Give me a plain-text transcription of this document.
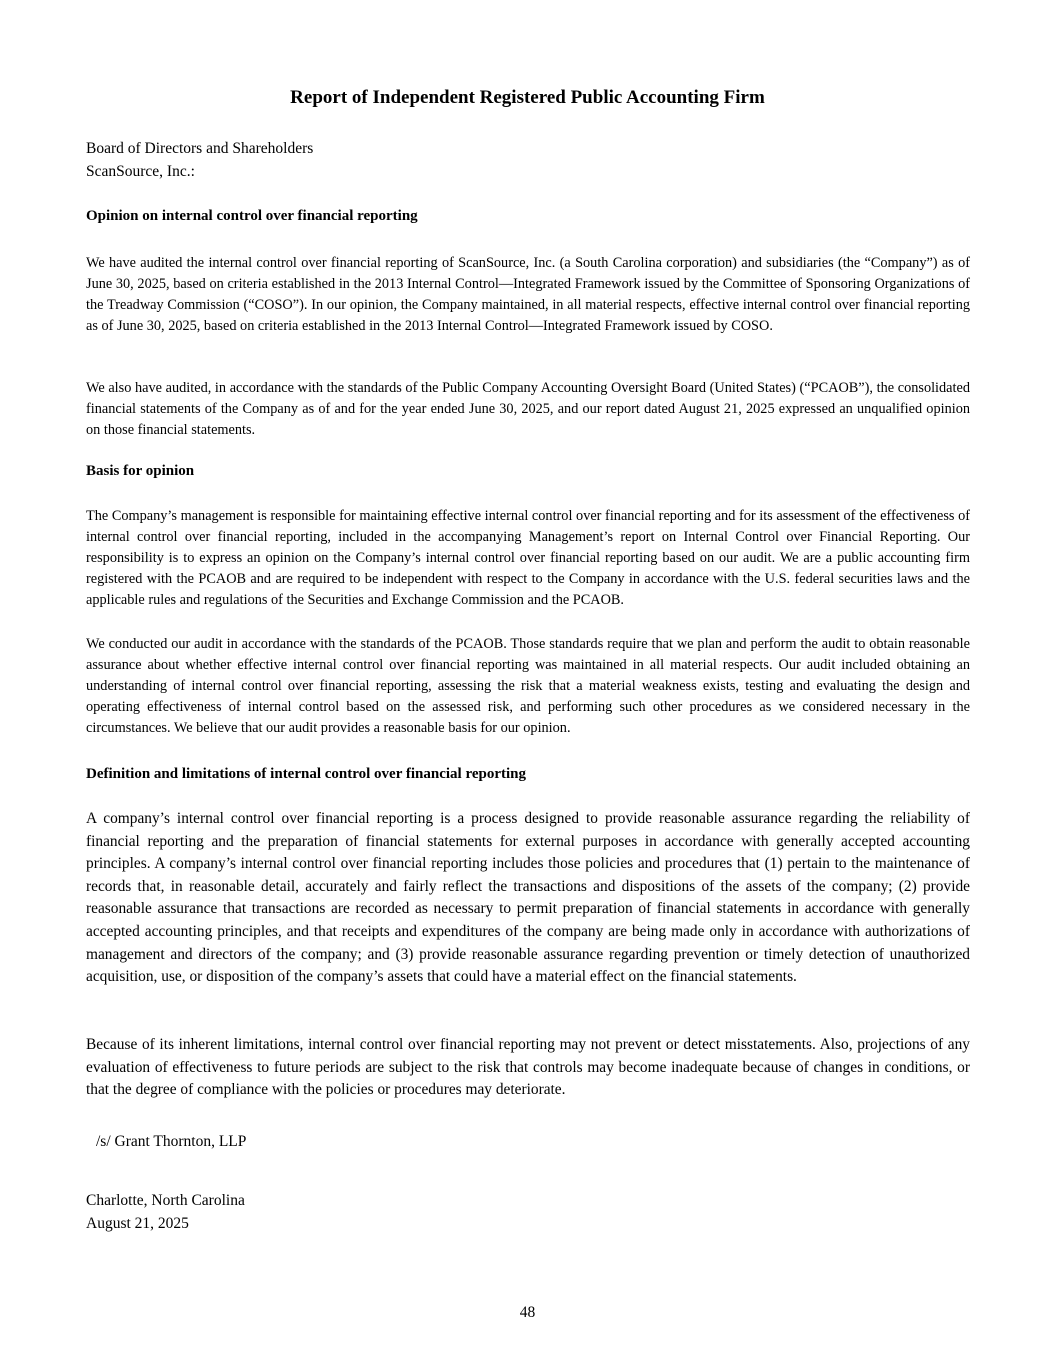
Report of Independent Registered Public Accounting Firm
Board of Directors and Shareholders
ScanSource, Inc.:
Opinion on internal control over financial reporting

We have audited the internal control over financial reporting of ScanSource, Inc. (a South Carolina corporation) and subsidiaries (the “Company”) as of June 30, 2025, based on criteria established in the 2013 Internal Control—Integrated Framework issued by the Committee of Sponsoring Organizations of the Treadway Commission (“COSO”). In our opinion, the Company maintained, in all material respects, effective internal control over financial reporting as of June 30, 2025, based on criteria established in the 2013 Internal Control—Integrated Framework issued by COSO.

We also have audited, in accordance with the standards of the Public Company Accounting Oversight Board (United States) (“PCAOB”), the consolidated financial statements of the Company as of and for the year ended June 30, 2025, and our report dated August 21, 2025 expressed an unqualified opinion on those financial statements.

Basis for opinion

The Company’s management is responsible for maintaining effective internal control over financial reporting and for its assessment of the effectiveness of internal control over financial reporting, included in the accompanying Management’s report on Internal Control over Financial Reporting. Our responsibility is to express an opinion on the Company’s internal control over financial reporting based on our audit. We are a public accounting firm registered with the PCAOB and are required to be independent with respect to the Company in accordance with the U.S. federal securities laws and the applicable rules and regulations of the Securities and Exchange Commission and the PCAOB.

We conducted our audit in accordance with the standards of the PCAOB. Those standards require that we plan and perform the audit to obtain reasonable assurance about whether effective internal control over financial reporting was maintained in all material respects. Our audit included obtaining an understanding of internal control over financial reporting, assessing the risk that a material weakness exists, testing and evaluating the design and operating effectiveness of internal control based on the assessed risk, and performing such other procedures as we considered necessary in the circumstances. We believe that our audit provides a reasonable basis for our opinion.

Definition and limitations of internal control over financial reporting

A company’s internal control over financial reporting is a process designed to provide reasonable assurance regarding the reliability of financial reporting and the preparation of financial statements for external purposes in accordance with generally accepted accounting principles. A company’s internal control over financial reporting includes those policies and procedures that (1) pertain to the maintenance of records that, in reasonable detail, accurately and fairly reflect the transactions and dispositions of the assets of the company; (2) provide reasonable assurance that transactions are recorded as necessary to permit preparation of financial statements in accordance with generally accepted accounting principles, and that receipts and expenditures of the company are being made only in accordance with authorizations of management and directors of the company; and (3) provide reasonable assurance regarding prevention or timely detection of unauthorized acquisition, use, or disposition of the company’s assets that could have a material effect on the financial statements.

Because of its inherent limitations, internal control over financial reporting may not prevent or detect misstatements. Also, projections of any evaluation of effectiveness to future periods are subject to the risk that controls may become inadequate because of changes in conditions, or that the degree of compliance with the policies or procedures may deteriorate.

/s/ Grant Thornton, LLP
Charlotte, North Carolina
August 21, 2025
48
